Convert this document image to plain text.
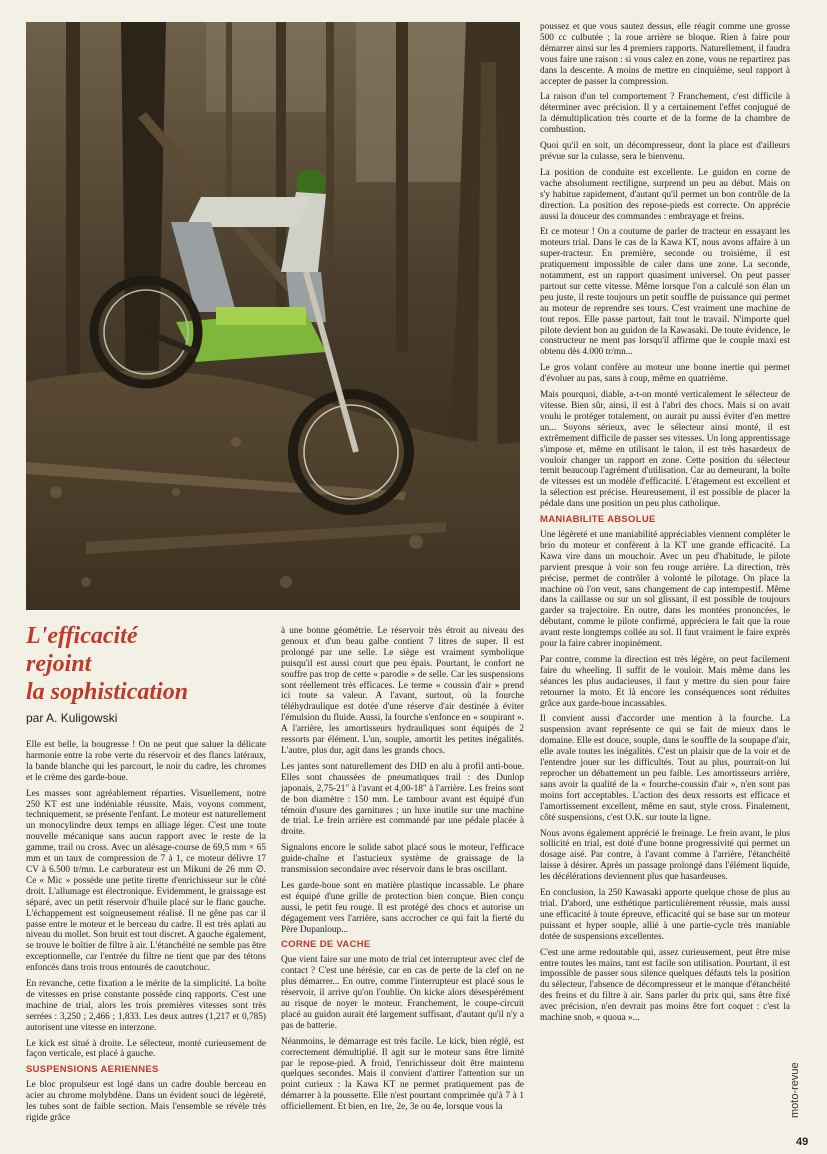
L'efficacité
rejoint
la sophistication
par A. Kuligowski

Elle est belle, la bougresse ! On ne peut que saluer la délicate harmonie entre la robe verte du réservoir et des flancs latéraux, la bande blanche qui les parcourt, le noir du cadre, les chromes et le crème des garde-boue.

Les masses sont agréablement réparties. Visuellement, notre 250 KT est une indéniable réussite. Mais, voyons comment, techniquement, se présente l'enfant. Le moteur est naturellement un monocylindre deux temps en alliage léger. C'est une toute nouvelle mécanique sans aucun rapport avec le reste de la gamme, trail ou cross. Avec un alésage-course de 69,5 mm × 65 mm et un taux de compression de 7 à 1, ce moteur délivre 17 CV à 6.500 tr/mn. Le carburateur est un Mikuni de 26 mm ∅. Ce « Mic » possède une petite tirette d'enrichisseur sur le côté droit. L'allumage est électronique. Evidemment, le graissage est séparé, avec un petit réservoir d'huile placé sur le flanc gauche. L'échappement est soigneusement réalisé. Il ne gêne pas car il passe entre le moteur et le berceau du cadre. Il est très aplati au niveau du mollet. Son bruit est tout discret. A gauche également, se trouve le boîtier de filtre à air. L'étanchéité ne semble pas être exceptionnelle, car l'entrée du filtre ne tient que par des tétons enfoncés dans trois trous entourés de caoutchouc.

En revanche, cette fixation a le mérite de la simplicité. La boîte de vitesses en prise constante possède cinq rapports. C'est une machine de trial, alors les trois premières vitesses sont très serrées : 3,250 ; 2,466 ; 1,833. Les deux autres (1,217 et 0,785) autorisent une vitesse en interzone.

Le kick est situé à droite. Le sélecteur, monté curieusement de façon verticale, est placé à gauche.

SUSPENSIONS AERIENNES

Le bloc propulseur est logé dans un cadre double berceau en acier au chrome molybdène. Dans un évident souci de légèreté, les tubes sont de faible section. Mais l'ensemble se révèle très rigide grâce

à une bonne géométrie. Le réservoir très étroit au niveau des genoux et d'un beau galbe contient 7 litres de super. Il est prolongé par une selle. Le siège est vraiment symbolique puisqu'il est aussi court que peu épais. Pourtant, le confort ne souffre pas trop de cette « parodie » de selle. Car les suspensions sont réellement très efficaces. Le terme « coussin d'air » prend ici toute sa valeur. A l'avant, surtout, où la fourche téléhydraulique est dotée d'une réserve d'air destinée à éviter l'émulsion du fluide. Aussi, la fourche s'enfonce en « soupirant ». A l'arrière, les amortisseurs hydrauliques sont équipés de 2 ressorts par élément. L'un, souple, amortit les petites inégalités. L'autre, plus dur, agit dans les grands chocs.

Les jantes sont naturellement des DID en alu à profil anti-boue. Elles sont chaussées de pneumatiques trail : des Dunlop japonais, 2,75-21" à l'avant et 4,00-18" à l'arrière. Les freins sont de bon diamètre : 150 mm. Le tambour avant est équipé d'un témoin d'usure des garnitures ; un luxe inutile sur une machine de trial. Le frein arrière est commandé par une pédale placée à droite.

Signalons encore le solide sabot placé sous le moteur, l'efficace guide-chaîne et l'astucieux système de graissage de la transmission secondaire avec réservoir dans le bras oscillant.

Les garde-boue sont en matière plastique incassable. Le phare est équipé d'une grille de protection bien conçue. Bien conçu aussi, le petit feu rouge. Il est protégé des chocs et autorise un dégagement vers l'arrière, sans accrocher ce qui fait la fierté du Père Dupanloup...

CORNE DE VACHE

Que vient faire sur une moto de trial cet interrupteur avec clef de contact ? C'est une hérésie, car en cas de perte de la clef on ne plus démarrer... En outre, comme l'interrupteur est placé sous le réservoir, il arrive qu'on l'oublie. On kicke alors désespérément au risque de noyer le moteur. Franchement, le coupe-circuit placé au guidon aurait été largement suffisant, d'autant qu'il n'y a pas de batterie.

Néanmoins, le démarrage est très facile. Le kick, bien réglé, est correctement démultiplié. Il agit sur le moteur sans être limité par le repose-pied. A froid, l'enrichisseur doit être maintenu quelques secondes. Mais il convient d'attirer l'attention sur un point curieux : la Kawa KT ne permet pratiquement pas de démarrer à la poussette. Elle n'est pourtant comprimée qu'à 7 à 1 officiellement. Et bien, en 1re, 2e, 3e ou 4e, lorsque vous la

poussez et que vous sautez dessus, elle réagit comme une grosse 500 cc culbutée ; la roue arrière se bloque. Rien à faire pour démarrer ainsi sur les 4 premiers rapports. Naturellement, il faudra vous faire une raison : si vous calez en zone, vous ne repartirez pas dans la descente. A moins de mettre en cinquième, seul rapport à accepter de passer la compression.

La raison d'un tel comportement ? Franchement, c'est difficile à déterminer avec précision. Il y a certainement l'effet conjugué de la démultiplication très courte et de la forme de la chambre de combustion.

Quoi qu'il en soit, un décompresseur, dont la place est d'ailleurs prévue sur la culasse, sera le bienvenu.

La position de conduite est excellente. Le guidon en corne de vache absolument rectiligne, surprend un peu au début. Mais on s'y habitue rapidement, d'autant qu'il permet un bon contrôle de la direction. La position des repose-pieds est correcte. On apprécie aussi la douceur des commandes : embrayage et freins.

Et ce moteur ! On a coutume de parler de tracteur en essayant les moteurs trial. Dans le cas de la Kawa KT, nous avons affaire à un super-tracteur. En première, seconde ou troisième, il est pratiquement impossible de caler dans une zone. La seconde, notamment, est un rapport quasiment universel. On peut passer partout sur cette vitesse. Même lorsque l'on a calculé son élan un peu juste, il reste toujours un petit souffle de puissance qui permet au moteur de reprendre ses tours. C'est vraiment une machine de tout repos. Elle passe partout, fait tout le travail. N'importe quel pilote devient bon au guidon de la Kawasaki. De toute évidence, le constructeur ne ment pas lorsqu'il affirme que le couple maxi est obtenu dès 4.000 tr/mn...

Le gros volant confère au moteur une bonne inertie qui permet d'évoluer au pas, sans à coup, même en quatrième.

Mais pourquoi, diable, a-t-on monté verticalement le sélecteur de vitesse. Bien sûr, ainsi, il est à l'abri des chocs. Mais si on avait voulu le protéger totalement, on aurait pu aussi éviter d'en mettre un... Soyons sérieux, avec le sélecteur ainsi monté, il est extrêmement difficile de passer ses vitesses. Un long apprentissage s'impose et, même en utilisant le talon, il est très hasardeux de vouloir changer un rapport en zone. Cette position du sélecteur ternit beaucoup l'agrément d'utilisation. Car au demeurant, la boîte de vitesses est un modèle d'efficacité. L'étagement est excellent et la sélection est précise. Heureusement, il est possible de placer la pédale dans une position un peu plus catholique.

MANIABILITE ABSOLUE

Une légèreté et une maniabilité appréciables viennent compléter le brio du moteur et confèrent à la KT une grande efficacité. La Kawa vire dans un mouchoir. Avec un peu d'habitude, le pilote parvient presque à voir son feu rouge arrière. La direction, très précise, permet de contrôler à volonté le pilotage. On place la machine où l'on veut, sans changement de cap intempestif. Même dans la caillasse ou sur un sol glissant, il est possible de toujours garder sa trajectoire. En outre, dans les montées prononcées, le débutant, comme le pilote confirmé, appréciera le fait que la roue avant reste longtemps collée au sol. Il faut vraiment le faire exprès pour la faire cabrer inopinément.

Par contre, comme la direction est très légère, on peut facilement faire du wheeling. Il suffit de le vouloir. Mais même dans les séances les plus audacieuses, il faut y mettre du sien pour faire retourner la moto. Et là encore les conséquences sont réduites grâce aux garde-boue incassables.

Il convient aussi d'accorder une mention à la fourche. La suspension avant représente ce qui se fait de mieux dans le domaine. Elle est douce, souple, dans le souffle de la soupape d'air, elle avale toutes les inégalités. C'est un plaisir que de la voir et de l'entendre jouer sur les difficultés. Tout au plus, pourrait-on lui reprocher un débattement un peu faible. Les amortisseurs arrière, sans avoir la qualité de la « fourche-coussin d'air », n'en sont pas moins fort acceptables. L'action des deux ressorts est efficace et l'amortissement excellent, même en saut, style cross. Finalement, côté suspensions, c'est O.K. sur toute la ligne.

Nous avons également apprécié le freinage. Le frein avant, le plus sollicité en trial, est doté d'une bonne progressivité qui permet un dosage aisé. Par contre, à l'avant comme à l'arrière, l'étanchéité laisse à désirer. Après un passage prolongé dans l'élément liquide, les décélérations deviennent plus que hasardeuses.

En conclusion, la 250 Kawasaki apporte quelque chose de plus au trial. D'abord, une esthétique particulièrement réussie, mais aussi une efficacité à toute épreuve, efficacité qui se base sur un moteur puissant et hyper souple, allié à une partie-cycle très maniable dotée de suspensions excellentes.

C'est une arme redoutable qui, assez curieusement, peut être mise entre toutes les mains, tant est facile son utilisation. Pourtant, il est impossible de passer sous silence quelques défauts tels la position du sélecteur, l'absence de décompresseur et le manque d'étanchéité des freins et du filtre à air. Sans parler du prix qui, sans être fixé avec précision, n'en devrait pas moins être fort coquet : c'est la machine snob, « quoua »...

moto-revue
49
